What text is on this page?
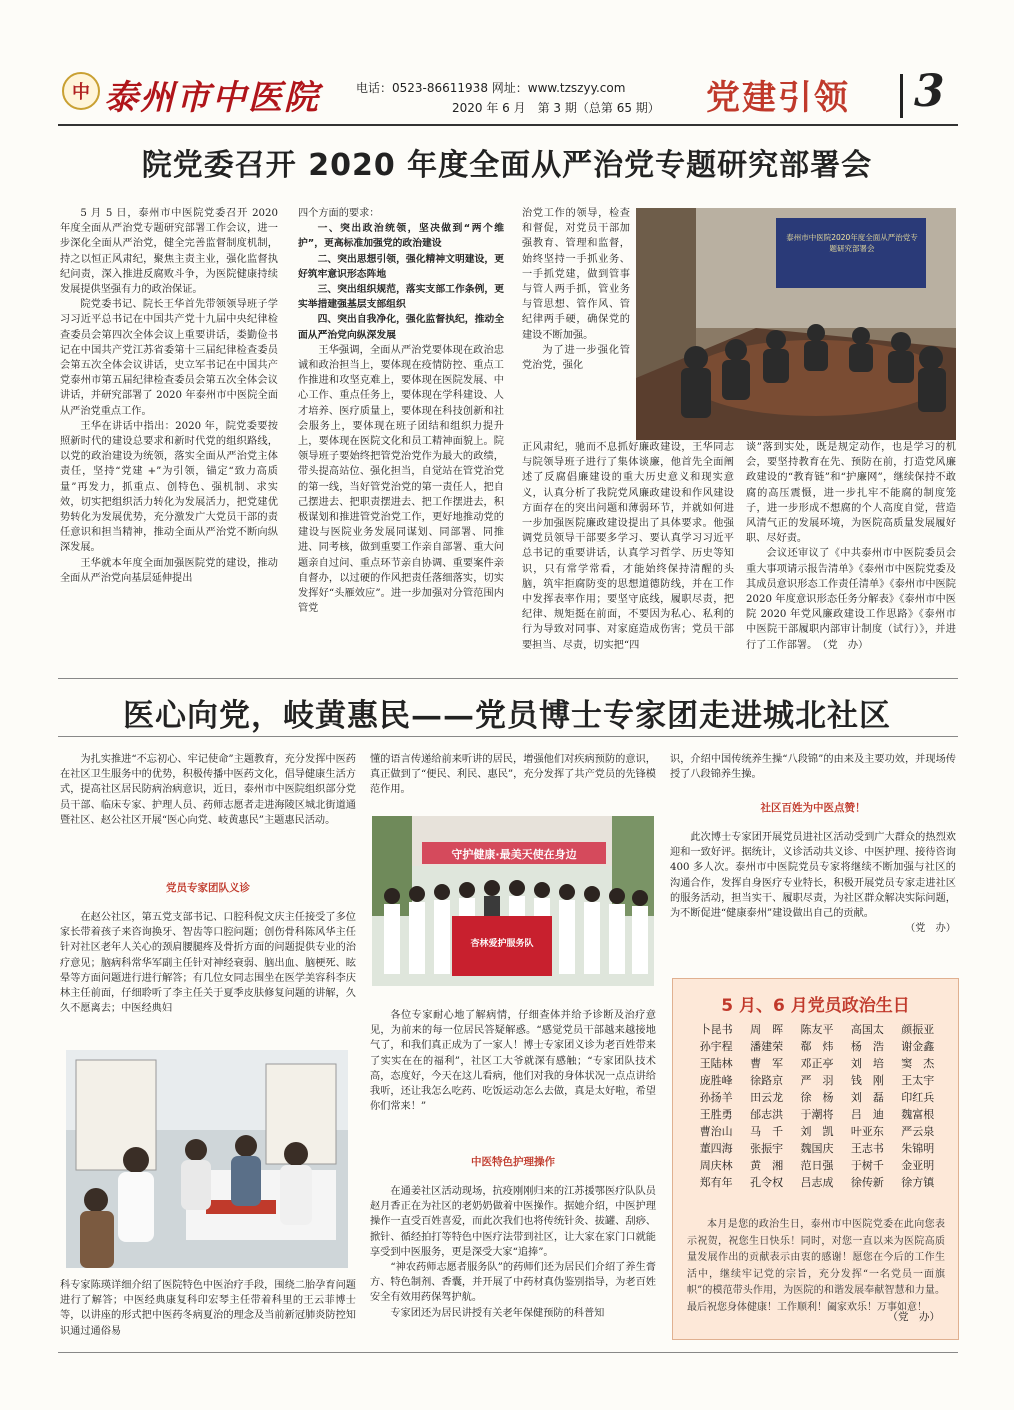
中 泰州市中医院	电话：0523-86611938 网址：www.tzszyy.com
2020 年 6 月　第 3 期（总第 65 期） 党建引领 3
院党委召开 2020 年度全面从严治党专题研究部署会

5 月 5 日，泰州市中医院党委召开 2020 年度全面从严治党专题研究部署工作会议，进一步深化全面从严治党，健全完善监督制度机制，持之以恒正风肃纪，聚焦主责主业，强化监督执纪问责，深入推进反腐败斗争，为医院健康持续发展提供坚强有力的政治保证。

院党委书记、院长王华首先带领领导班子学习习近平总书记在中国共产党十九届中央纪律检查委员会第四次全体会议上重要讲话，娄勤俭书记在中国共产党江苏省委第十三届纪律检查委员会第五次全体会议讲话，史立军书记在中国共产党泰州市第五届纪律检查委员会第五次全体会议讲话，并研究部署了 2020 年泰州市中医院全面从严治党重点工作。

王华在讲话中指出：2020 年，院党委要按照新时代的建设总要求和新时代党的组织路线，以党的政治建设为统领，落实全面从严治党主体责任，坚持“党建 +”为引领，锚定“致力高质量”再发力，抓重点、创特色、强机制、求实效，切实把组织活力转化为发展活力，把党建优势转化为发展优势，充分激发广大党员干部的责任意识和担当精神，推动全面从严治党不断向纵深发展。

王华就本年度全面加强医院党的建设，推动全面从严治党向基层延伸提出

四个方面的要求：

一、突出政治统领，坚决做到“两个维护”，更高标准加强党的政治建设

二、突出思想引领，强化精神文明建设，更好筑牢意识形态阵地

三、突出组织规范，落实支部工作条例，更实举措建强基层支部组织

四、突出自我净化，强化监督执纪，推动全面从严治党向纵深发展

王华强调，全面从严治党要体现在政治忠诚和政治担当上，要体现在疫情防控、重点工作推进和攻坚克难上，要体现在医院发展、中心工作、重点任务上，要体现在学科建设、人才培养、医疗质量上，要体现在科技创新和社会服务上，要体现在班子团结和组织力提升上，要体现在医院文化和员工精神面貌上。院领导班子要始终把管党治党作为最大的政绩，带头提高站位、强化担当，自觉站在管党治党的第一线，当好管党治党的第一责任人，把自己摆进去、把职责摆进去、把工作摆进去，积极谋划和推进管党治党工作，更好地推动党的建设与医院业务发展同谋划、同部署、同推进、同考核，做到重要工作亲自部署、重大问题亲自过问、重点环节亲自协调、重要案件亲自督办，以过硬的作风把责任落细落实，切实发挥好“头雁效应”。进一步加强对分管范围内管党

治党工作的领导，检查和督促，对党员干部加强教育、管理和监督，始终坚持一手抓业务、一手抓党建，做到管事与管人两手抓，管业务与管思想、管作风、管纪律两手硬，确保党的建设不断加强。

为了进一步强化管党治党，强化

泰州市中医院2020年度全面从严治党专题研究部署会

正风肃纪，驰而不息抓好廉政建设，王华同志与院领导班子进行了集体谈廉，他首先全面阐述了反腐倡廉建设的重大历史意义和现实意义，认真分析了我院党风廉政建设和作风建设方面存在的突出问题和薄弱环节，并就如何进一步加强医院廉政建设提出了具体要求。他强调党员领导干部要多学习、要认真学习习近平总书记的重要讲话，认真学习哲学、历史等知识，只有常学常看，才能始终保持清醒的头脑，筑牢拒腐防变的思想道德防线，并在工作中发挥表率作用；要坚守底线，履职尽责，把纪律、规矩挺在前面，不要因为私心、私利的行为导致对同事、对家庭造成伤害；党员干部要担当、尽责，切实把“四

谈”落到实处，既是规定动作，也是学习的机会，要坚持教育在先、预防在前，打造党风廉政建设的“教育链”和“护廉网”，继续保持不敢腐的高压震慑，进一步扎牢不能腐的制度笼子，进一步形成不想腐的个人高度自觉，营造风清气正的发展环境，为医院高质量发展履好职、尽好责。

会议还审议了《中共泰州市中医院委员会重大事项请示报告清单》《泰州市中医院党委及其成员意识形态工作责任清单》《泰州市中医院 2020 年度意识形态任务分解表》《泰州市中医院 2020 年党风廉政建设工作思路》《泰州市中医院干部履职内部审计制度（试行）》，并进行了工作部署。　（党　办）

医心向党，岐黄惠民——党员博士专家团走进城北社区

为扎实推进“不忘初心、牢记使命”主题教育，充分发挥中医药在社区卫生服务中的优势，积极传播中医药文化，倡导健康生活方式，提高社区居民防病治病意识，近日，泰州市中医院组织部分党员干部、临床专家、护理人员、药师志愿者走进海陵区城北街道通暨社区、赵公社区开展“医心向党、岐黄惠民”主题惠民活动。

党员专家团队义诊

在赵公社区，第五党支部书记、口腔科倪文庆主任接受了多位家长带着孩子来咨询换牙、智齿等口腔问题；创伤骨科陈风华主任针对社区老年人关心的颈肩腰腿疼及骨折方面的问题提供专业的治疗意见；脑病科常华军副主任针对神经衰弱、脑出血、脑梗死、眩晕等方面问题进行进行解答；有几位女同志围坐在医学美容科李庆林主任前面，仔细聆听了李主任关于夏季皮肤修复问题的讲解，久久不愿离去；中医经典妇

科专家陈瑛详细介绍了医院特色中医治疗手段，围绕二胎孕育问题进行了解答；中医经典康复科印宏琴主任带着科里的王云菲博士等，以讲座的形式把中医药冬病夏治的理念及当前新冠肺炎防控知识通过通俗易

懂的语言传递给前来听讲的居民，增强他们对疾病预防的意识，真正做到了“便民、利民、惠民”，充分发挥了共产党员的先锋模范作用。

守护健康·最美天使在身边
杏林爱护服务队

各位专家耐心地了解病情，仔细查体并给予诊断及治疗意见，为前来的每一位居民答疑解惑。“感觉党员干部越来越接地气了，和我们真正成为了一家人！博士专家团义诊为老百姓带来了实实在在的福利”，社区工大爷就深有感触；“专家团队技术高，态度好，今天在这儿看病，他们对我的身体状况一点点讲给我听，还让我怎么吃药、吃饭运动怎么去做，真是太好啦，希望你们常来！”

中医特色护理操作

在通姜社区活动现场，抗疫刚刚归来的江苏援鄂医疗队队员赵月香正在为社区的老奶奶做着中医操作。据她介绍，中医护理操作一直受百姓喜爱，而此次我们也将传统针灸、拔罐、刮痧、掀针、循经拍打等特色中医疗法带到社区，让大家在家门口就能享受到中医服务，更是深受大家“追捧”。

“神农药师志愿者服务队”的药师们还为居民们介绍了养生膏方、特色制剂、香囊，并开展了中药材真伪鉴别指导，为老百姓安全有效用药保驾护航。

专家团还为居民讲授有关老年保健预防的科普知

识，介绍中国传统养生操“八段锦”的由来及主要功效，并现场传授了八段锦养生操。

社区百姓为中医点赞！

此次博士专家团开展党员进社区活动受到广大群众的热烈欢迎和一致好评。据统计，义诊活动共义诊、中医护理、接待咨询 400 多人次。泰州市中医院党员专家将继续不断加强与社区的沟通合作，发挥自身医疗专业特长，积极开展党员专家走进社区的服务活动，担当实干、履职尽责，为社区群众解决实际问题，为不断促进“健康泰州”建设做出自己的贡献。

（党　办）

5 月、6 月党员政治生日
卜昆书	周　晖	陈友平	高国太	颜振亚
孙宇程	潘建荣	郗　炜	杨　浩	谢金鑫
王陆林	曹　军	邓正亭	刘　培	窦　杰
庞胜峰	徐路京	严　羽	钱　刚	王太宇
孙扬羊	田云龙	徐　杨	刘　磊	印红兵
王胜勇	邰志洪	于潮将	吕　迪	魏富根
曹治山	马　千	刘　凯	叶亚东	严云泉
董四海	张振宇	魏国庆	王志书	朱锦明
周庆林	黄　湘	范日强	于树千	金亚明
郑有年	孔令权	吕志成	徐传新	徐方镇

本月是您的政治生日，泰州市中医院党委在此向您表示祝贺，祝您生日快乐！同时，对您一直以来为医院高质量发展作出的贡献表示由衷的感谢！愿您在今后的工作生活中，继续牢记党的宗旨，充分发挥“一名党员一面旗帜”的模范带头作用，为医院的和谐发展奉献智慧和力量。最后祝您身体健康！工作顺利！阖家欢乐！万事如意！

（党　办）
